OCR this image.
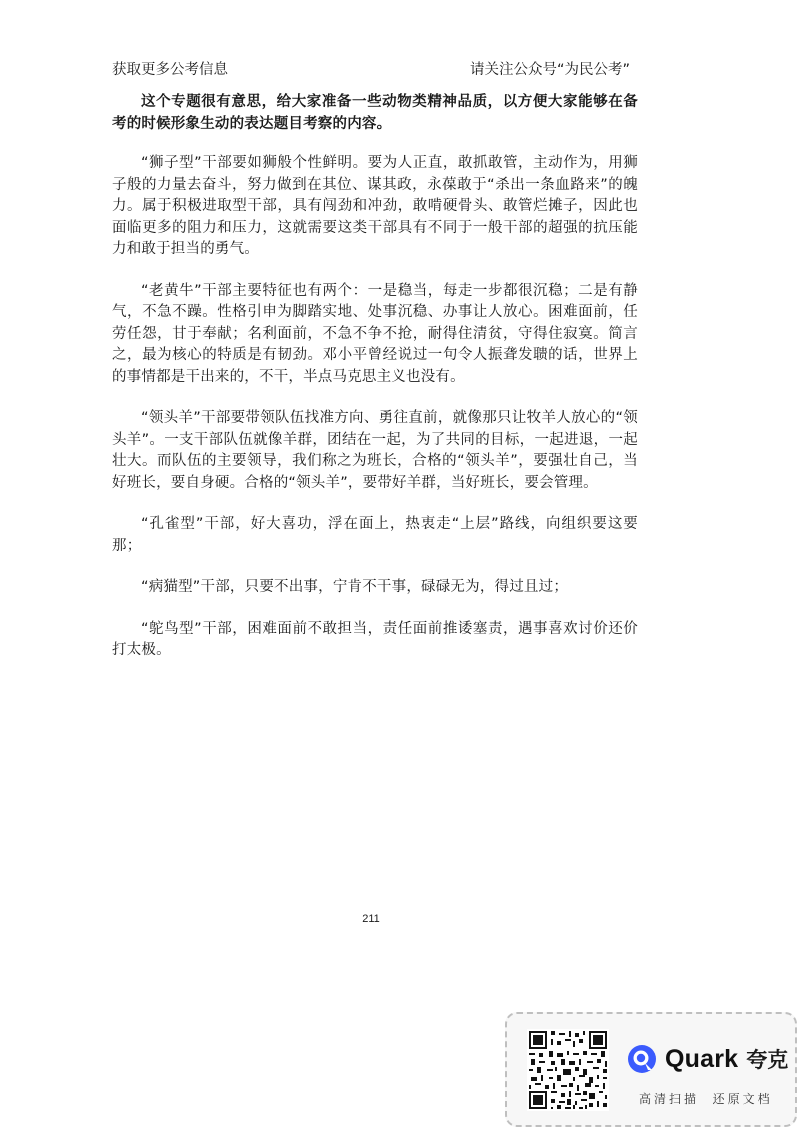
获取更多公考信息	请关注公众号“为民公考”

这个专题很有意思，给大家准备一些动物类精神品质，以方便大家能够在备考的时候形象生动的表达题目考察的内容。

“狮子型”干部要如狮般个性鲜明。要为人正直，敢抓敢管，主动作为，用狮子般的力量去奋斗，努力做到在其位、谋其政，永葆敢于“杀出一条血路来”的魄力。属于积极进取型干部，具有闯劲和冲劲，敢啃硬骨头、敢管烂摊子，因此也面临更多的阻力和压力，这就需要这类干部具有不同于一般干部的超强的抗压能力和敢于担当的勇气。

“老黄牛”干部主要特征也有两个：一是稳当，每走一步都很沉稳；二是有静气，不急不躁。性格引申为脚踏实地、处事沉稳、办事让人放心。困难面前，任劳任怨，甘于奉献；名利面前，不急不争不抢，耐得住清贫，守得住寂寞。简言之，最为核心的特质是有韧劲。邓小平曾经说过一句令人振聋发聩的话，世界上的事情都是干出来的，不干，半点马克思主义也没有。

“领头羊”干部要带领队伍找准方向、勇往直前，就像那只让牧羊人放心的“领头羊”。一支干部队伍就像羊群，团结在一起，为了共同的目标，一起进退，一起壮大。而队伍的主要领导，我们称之为班长，合格的“领头羊”，要强壮自己，当好班长，要自身硬。合格的“领头羊”，要带好羊群，当好班长，要会管理。

“孔雀型”干部，好大喜功，浮在面上，热衷走“上层”路线，向组织要这要那；

“病猫型”干部，只要不出事，宁肯不干事，碌碌无为，得过且过；

“鸵鸟型”干部，困难面前不敢担当，责任面前推诿塞责，遇事喜欢讨价还价打太极。

211
Quark 夸克
高清扫描  还原文档
